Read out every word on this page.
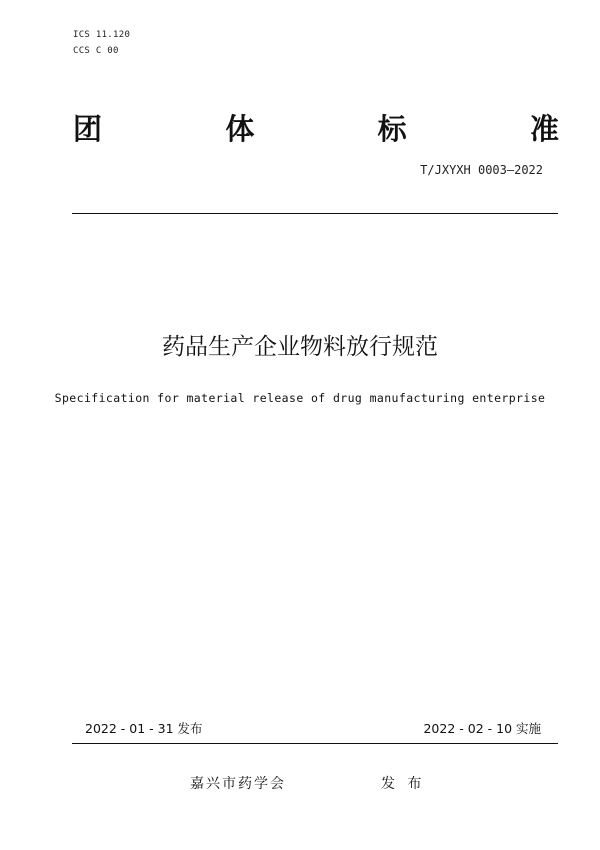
ICS 11.120
CCS C 00
团	体	标	准
T/JXYXH 0003—2022
药品生产企业物料放行规范
Specification for material release of drug manufacturing enterprise
2022 - 01 - 31 发布	2022 - 02 - 10 实施
嘉兴市药学会	发 布
